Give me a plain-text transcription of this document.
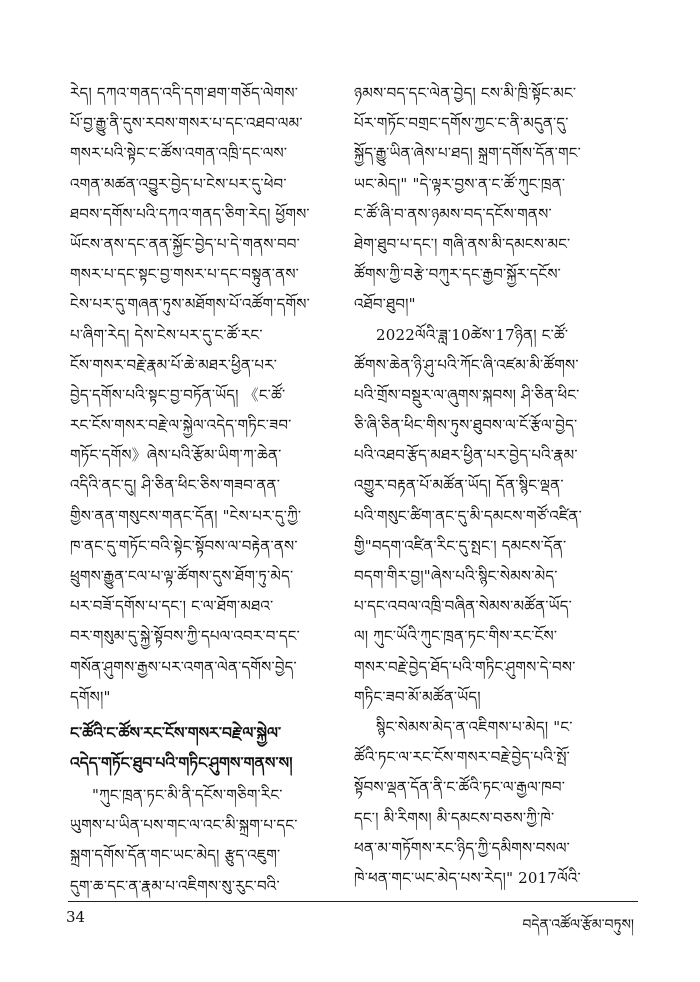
རེད། དཀའ་གནད་འདི་དག་ཐག་གཅོད་ལེགས་
པོ་བྱ་རྒྱུ་ནི་དུས་རབས་གསར་པ་དང་འཐབ་ལམ་
གསར་པའི་སྟེང་ང་ཚོས་འགན་འཁྲི་དང་ལས་
འགན་མཚན་འབྱུར་བྱེད་པ་ངེས་པར་དུ་ཕེབ་
ཐབས་དགོས་པའི་དཀའ་གནད་ཅིག་རེད། ཕྱོགས་
ཡོངས་ནས་དང་ནན་སྐྱོང་བྱེད་པ་དེ་གནས་བབ་
གསར་པ་དང་སྟང་བྱ་གསར་པ་དང་བསྟུན་ནས་
ངེས་པར་དུ་གཞན་ཏུས་མཐོགས་པོ་འཚོག་དགོས་
པ་ཞིག་རེད། དེས་ངེས་པར་དུ་ང་ཚོ་རང་
ངོས་གསར་བརྗེ་རྣམ་པོ་ཆེ་མཐར་ཕྱིན་པར་
བྱེད་དགོས་པའི་སྟང་བྱ་བཏོན་ཡོད། 《ང་ཚོ་
རང་ངོས་གསར་བརྗེ་ལ་སྐྱེལ་འདེད་གཏིང་ཟབ་
གཏོང་དགོས》ཞེས་པའི་རྩོམ་ཡིག་ཀ་ཆེན་
འདིའི་ནང་དུ། ཤི་ཅིན་ཕིང་ཅིས་གཟབ་ནན་
གྱིས་ནན་གསུངས་གནང་དོན། "ངེས་པར་དུ་ཀྱི་
ཁ་ནང་དུ་གཏོང་བའི་སྟེང་སྟོབས་ལ་བརྟེན་ནས་
ཕྲུགས་རྒྱུན་ངལ་པ་ལྟ་ཚོགས་དུས་ཐོག་ཏུ་མེད་
པར་བཟོ་དགོས་པ་དང་། ང་ལ་ཐོག་མཐའ་
བར་གསུམ་དུ་སྐྱེ་སྟོབས་ཀྱི་དཔལ་འབར་བ་དང་
གསོན་ཤུགས་རྒྱས་པར་འགན་ལེན་དགོས་བྱེད་
དགོས།"
ང་ཚོའི་ང་ཚོས་རང་ངོས་གསར་བརྗེ་ལ་སྐྱེལ་
འདེད་གཏོང་ཐུབ་པའི་གཏིང་ཤུགས་གནས་ས།
"ཀུང་ཁྲན་ཏང་མི་ནི་དངོས་གཅིག་རིང་
ཡུགས་པ་ཡིན་པས་གང་ལ་འང་མི་སྐྲག་པ་དང་
སྐྲག་དགོས་དོན་གང་ཡང་མེད། རྩུད་འཇུག་
དུག་ཆ་དང་ན་རྣམ་པ་འཇིགས་སུ་རུང་བའི་
ཉམས་བད་དང་ལེན་བྱེད། ངས་མི་ཁྲི་སྟོང་མང་
པོར་གཏོང་བགྲང་དགོས་ཀྱང་ང་ནི་མདུན་དུ་
སྐྱོད་རྒྱུ་ཡིན་ཞེས་པ་ཐད། སྐྲག་དགོས་དོན་གང་
ཡང་མེད།" "དེ་ལྟར་བྱས་ན་ང་ཚོ་ཀུང་ཁྲན་
ང་ཚོ་ཞི་བ་ནས་ཉམས་བད་དངོས་གནས་
ཐེག་ཐུབ་པ་དང་། གཞི་ནས་མི་དམངས་མང་
ཚོགས་ཀྱི་བརྩེ་བཀུར་དང་རྒྱབ་སྐྱོར་དངོས་
འཐོབ་ཐུབ།"
2022ལོའི་ཟླ་10ཚེས་17ཉིན། ང་ཚོ་
ཚོགས་ཆེན་ཉི་ཤུ་པའི་ཀོང་ཞི་འཛམ་མི་ཚོགས་
པའི་གྲོས་བསྡུར་ལ་ཞུགས་སྐབས། ཤི་ཅིན་ཕིང་
ཅི་ཞི་ཅིན་ཕིང་གིས་ཏུས་ཐུབས་ལ་ངོ་རྩོལ་བྱེད་
པའི་འཐབ་རྩོད་མཐར་ཕྱིན་པར་བྱེད་པའི་རྣམ་
འགྱུར་བརྟན་པོ་མཚོན་ཡོད། དོན་སྙིང་ལྡན་
པའི་གསུང་ཚིག་ནང་དུ་མི་དམངས་གཙོ་འཛིན་
གྱི"བདག་འཛིན་རིང་དུ་སྤང་། དམངས་དོན་
བདག་གིར་བྱ།"ཞེས་པའི་སྙིང་སེམས་མེད་
པ་དང་འབལ་འཁྲི་བཞིན་སེམས་མཚོན་ཡོད་
ལ། ཀུང་ཡོའི་ཀུང་ཁྲན་ཏང་གིས་རང་ངོས་
གསར་བརྗེ་བྱེད་ཐོད་པའི་གཏིང་ཤུགས་དེ་བས་
གཏིང་ཟབ་མོ་མཚོན་ཡོད།
སྙིང་སེམས་མེད་ན་འཇིགས་པ་མེད། "ང་
ཚོའི་ཏང་ལ་རང་ངོས་གསར་བརྗེ་བྱེད་པའི་སྤོ་
སྟོབས་ལྡན་དོན་ནི་ང་ཚོའི་ཏང་ལ་རྒྱལ་ཁབ་
དང་། མི་རིགས། མི་དམངས་བཅས་ཀྱི་ཁེ་
ཕན་མ་གཏོགས་རང་ཉིད་ཀྱི་དམིགས་བསལ་
ཁེ་ཕན་གང་ཡང་མེད་པས་རེད།" 2017ལོའི་
34	བདེན་འཚོལ་རྩོམ་བཏུས།
